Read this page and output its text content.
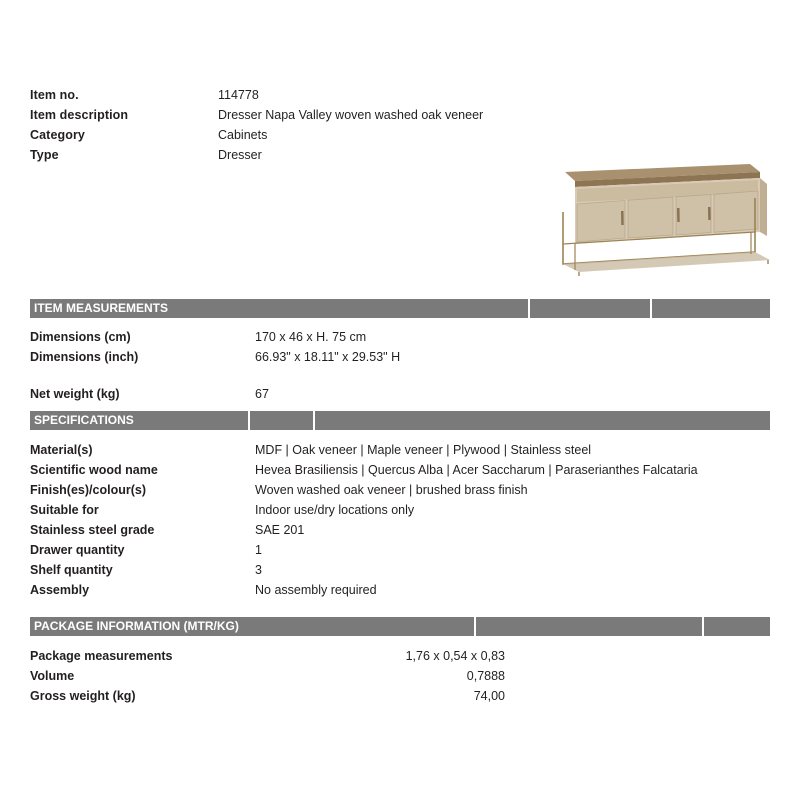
Item no.	114778
Item description	Dresser Napa Valley woven washed oak veneer
Category	Cabinets
Type	Dresser
ITEM MEASUREMENTS
Dimensions (cm)	170 x 46 x H. 75 cm
Dimensions (inch)	66.93" x 18.11" x 29.53" H
Net weight (kg)	67
SPECIFICATIONS
Material(s)	MDF | Oak veneer | Maple veneer | Plywood | Stainless steel
Scientific wood name	Hevea Brasiliensis | Quercus Alba | Acer Saccharum | Paraserianthes Falcataria
Finish(es)/colour(s)	Woven washed oak veneer | brushed brass finish
Suitable for	Indoor use/dry locations only
Stainless steel grade	SAE 201
Drawer quantity	1
Shelf quantity	3
Assembly	No assembly required
PACKAGE INFORMATION (MTR/KG)
Package measurements	1,76 x 0,54 x 0,83
Volume	0,7888
Gross weight (kg)	74,00
